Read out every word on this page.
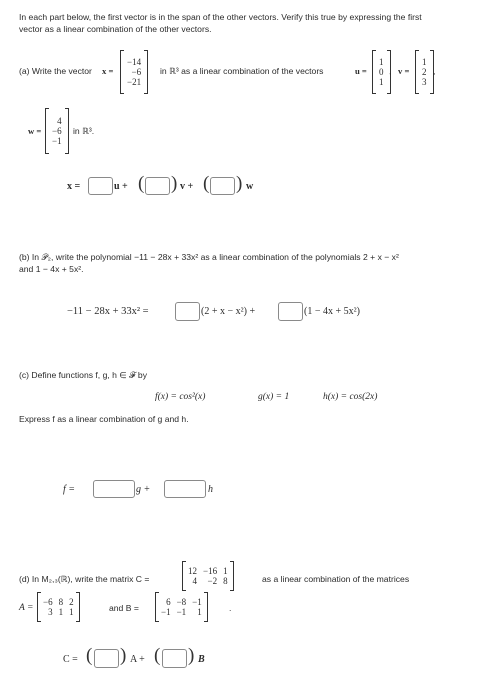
In each part below, the first vector is in the span of the other vectors. Verify this true by expressing the first
vector as a linear combination of the other vectors.
(a) Write the vector x =
−14
−6
−21
in ℝ³ as a linear combination of the vectors	u =
1
0
1
, v =
1
2
3
,
w =
4
−6
−1
in ℝ³.
x =	u + ( ) v + ( ) w
(b) In 𝒫₂, write the polynomial −11 − 28x + 33x² as a linear combination of the polynomials 2 + x − x²
and 1 − 4x + 5x².
−11 − 28x + 33x² =	(2 + x − x²) +	(1 − 4x + 5x²)
(c) Define functions f, g, h ∈ 𝓕 by
f(x) = cos²(x)	g(x) = 1	h(x) = cos(2x)
Express f as a linear combination of g and h.
f =	g +	h
(d) In M₂,₃(ℝ), write the matrix C =
12 −16 1
4	−2 8	as a linear combination of the matrices
A =
−6 8 2
3 1 1	and B =
6 −8 −1
−1 −1	1	.
C = ( ) A + ( ) B
